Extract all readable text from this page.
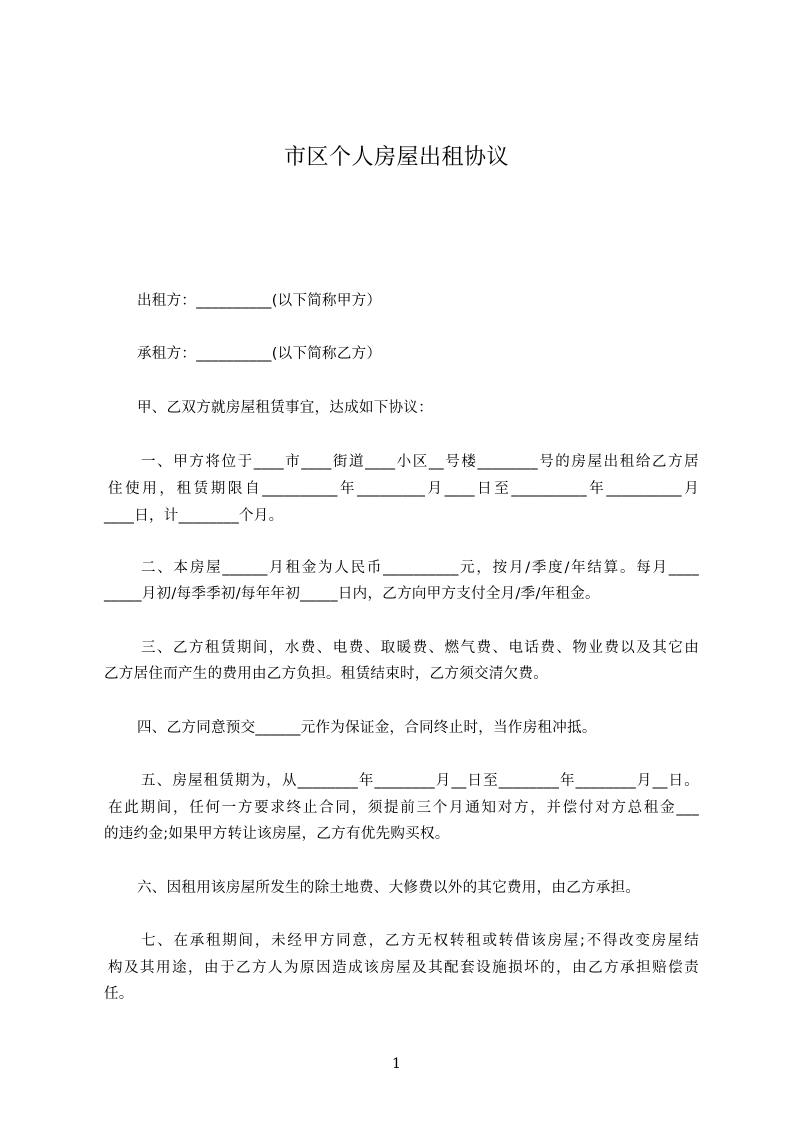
市区个人房屋出租协议
出租方：__________(以下简称甲方）
承租方：__________(以下简称乙方）
甲、乙双方就房屋租赁事宜，达成如下协议：
一、甲方将位于____市____街道____小区__号楼________号的房屋出租给乙方居
住使用，租赁期限自__________年_________月____日至__________年__________月
____日，计________个月。
二、本房屋______月租金为人民币__________元，按月/季度/年结算。每月____
_____月初/每季季初/每年年初_____日内，乙方向甲方支付全月/季/年租金。
三、乙方租赁期间，水费、电费、取暖费、燃气费、电话费、物业费以及其它由
乙方居住而产生的费用由乙方负担。租赁结束时，乙方须交清欠费。
四、乙方同意预交______元作为保证金，合同终止时，当作房租冲抵。
五、房屋租赁期为，从________年________月__日至________年________月__日。
在此期间，任何一方要求终止合同，须提前三个月通知对方，并偿付对方总租金___
的违约金;如果甲方转让该房屋，乙方有优先购买权。
六、因租用该房屋所发生的除土地费、大修费以外的其它费用，由乙方承担。
七、在承租期间，未经甲方同意，乙方无权转租或转借该房屋;不得改变房屋结
构及其用途，由于乙方人为原因造成该房屋及其配套设施损坏的，由乙方承担赔偿责
任。
1
